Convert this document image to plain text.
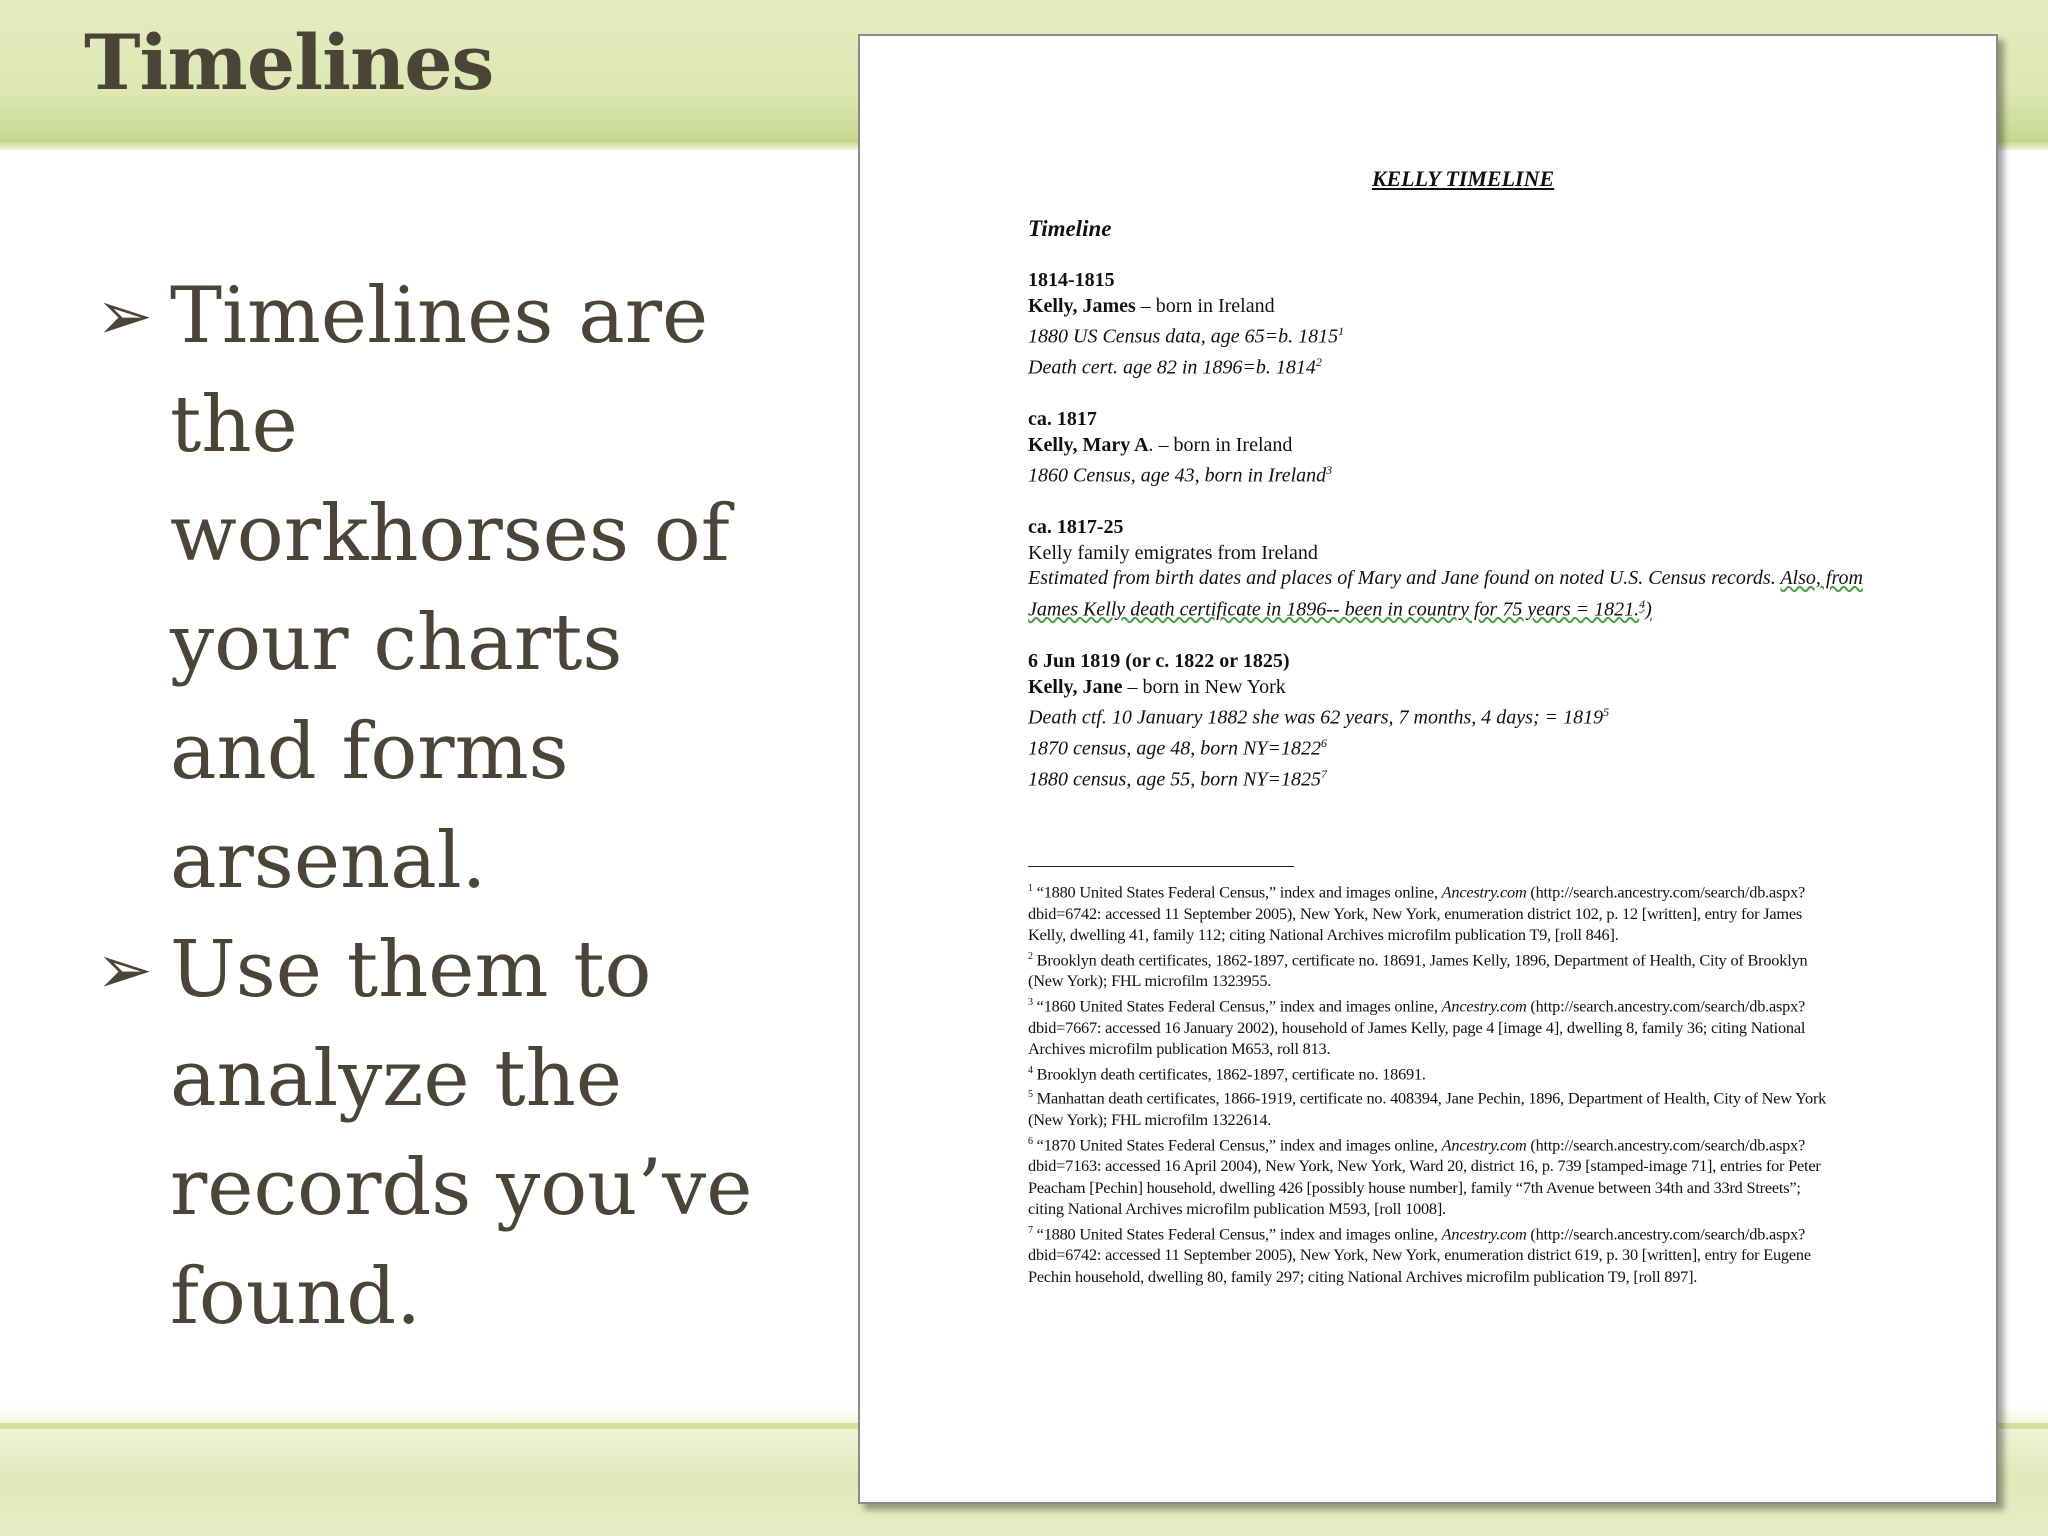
Timelines
➢ Timelines are the workhorses of your charts and forms arsenal.
➢ Use them to analyze the records you’ve found.
KELLY TIMELINE
Timeline
1814-1815
Kelly, James – born in Ireland
1880 US Census data, age 65=b. 1815$^1$
Death cert. age 82 in 1896=b. 1814$^2$
ca. 1817
Kelly, Mary A. – born in Ireland
1860 Census, age 43, born in Ireland$^3$
ca. 1817-25
Kelly family emigrates from Ireland
Estimated from birth dates and places of Mary and Jane found on noted U.S. Census records. Also, from James Kelly death certificate in 1896-- been in country for 75 years = 1821.$^4$)
6 Jun 1819 (or c. 1822 or 1825)
Kelly, Jane – born in New York
Death ctf. 10 January 1882 she was 62 years, 7 months, 4 days; = $1819^5$
1870 census, age 48, born $NY=1822^6$
1880 census, age 55, born $NY=1825^7$

$^1$ “1880 United States Federal Census,” index and images online, Ancestry.com (http://search.ancestry.com/search/db.aspx?dbid=6742: accessed 11 September 2005), New York, New York, enumeration district 102, p. 12 [written], entry for James Kelly, dwelling 41, family 112; citing National Archives microfilm publication T9, [roll 846].

$^2$ Brooklyn death certificates, 1862-1897, certificate no. 18691, James Kelly, 1896, Department of Health, City of Brooklyn (New York); FHL microfilm 1323955.

$^3$ “1860 United States Federal Census,” index and images online, Ancestry.com (http://search.ancestry.com/search/db.aspx?dbid=7667: accessed 16 January 2002), household of James Kelly, page 4 [image 4], dwelling 8, family 36; citing National Archives microfilm publication M653, roll 813.

$^4$ Brooklyn death certificates, 1862-1897, certificate no. 18691.

$^5$ Manhattan death certificates, 1866-1919, certificate no. 408394, Jane Pechin, 1896, Department of Health, City of New York (New York); FHL microfilm 1322614.

$^6$ “1870 United States Federal Census,” index and images online, Ancestry.com (http://search.ancestry.com/search/db.aspx?dbid=7163: accessed 16 April 2004), New York, New York, Ward 20, district 16, p. 739 [stamped-image 71], entries for Peter Peacham [Pechin] household, dwelling 426 [possibly house number], family “7th Avenue between 34th and 33rd Streets”; citing National Archives microfilm publication M593, [roll 1008].

$^7$ “1880 United States Federal Census,” index and images online, Ancestry.com (http://search.ancestry.com/search/db.aspx?dbid=6742: accessed 11 September 2005), New York, New York, enumeration district 619, p. 30 [written], entry for Eugene Pechin household, dwelling 80, family 297; citing National Archives microfilm publication T9, [roll 897].
